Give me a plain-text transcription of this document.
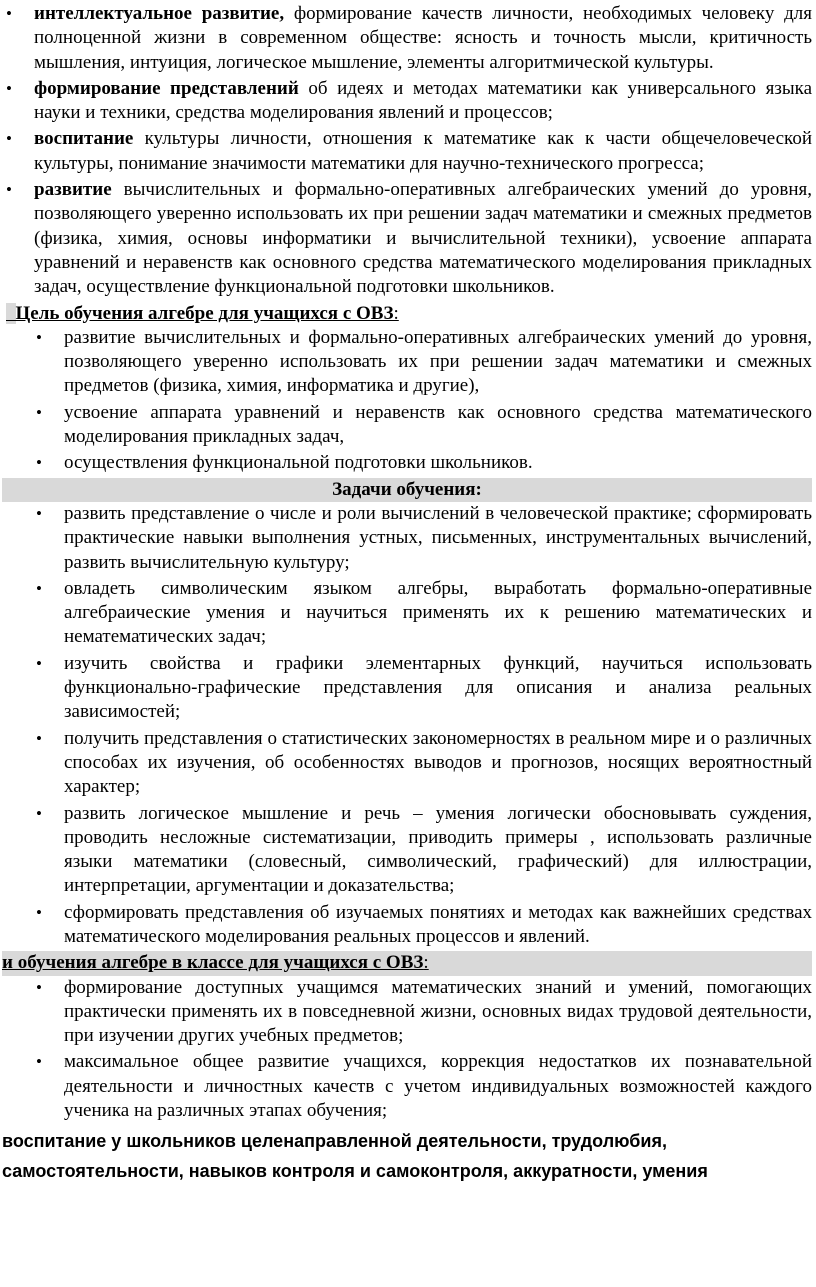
• интеллектуальное развитие, формирование качеств личности, необходимых человеку для полноценной жизни в современном обществе: ясность и точность мысли, критичность мышления, интуиция, логическое мышление, элементы алгоритмической культуры.
• формирование представлений об идеях и методах математики как универсального языка науки и техники, средства моделирования явлений и процессов;
• воспитание культуры личности, отношения к математике как к части общечеловеческой культуры, понимание значимости математики для научно-технического прогресса;
• развитие вычислительных и формально-оперативных алгебраических умений до уровня, позволяющего уверенно использовать их при решении задач математики и смежных предметов (физика, химия, основы информатики и вычислительной техники), усвоение аппарата уравнений и неравенств как основного средства математического моделирования прикладных задач, осуществление функциональной подготовки школьников.
Цель обучения алгебре для учащихся с ОВЗ:
• развитие вычислительных и формально-оперативных алгебраических умений до уровня, позволяющего уверенно использовать их при решении задач математики и смежных предметов (физика, химия, информатика и другие),
• усвоение аппарата уравнений и неравенств как основного средства математического моделирования прикладных задач,
• осуществления функциональной подготовки школьников.
Задачи обучения:
• развить представление о числе и роли вычислений в человеческой практике; сформировать практические навыки выполнения устных, письменных, инструментальных вычислений, развить вычислительную культуру;
• овладеть символическим языком алгебры, выработать формально-оперативные алгебраические умения и научиться применять их к решению математических и нематематических задач;
• изучить свойства и графики элементарных функций, научиться использовать функционально-графические представления для описания и анализа реальных зависимостей;
• получить представления о статистических закономерностях в реальном мире и о различных способах их изучения, об особенностях выводов и прогнозов, носящих вероятностный характер;
• развить логическое мышление и речь – умения логически обосновывать суждения, проводить несложные систематизации, приводить примеры , использовать различные языки математики (словесный, символический, графический) для иллюстрации, интерпретации, аргументации и доказательства;
• сформировать представления об изучаемых понятиях и методах как важнейших средствах математического моделирования реальных процессов и явлений.
и обучения алгебре в классе для учащихся с ОВЗ:
• формирование доступных учащимся математических знаний и умений, помогающих практически применять их в повседневной жизни, основных видах трудовой деятельности, при изучении других учебных предметов;
• максимальное общее развитие учащихся, коррекция недостатков их познавательной деятельности и личностных качеств с учетом индивидуальных возможностей каждого ученика на различных этапах обучения;
воспитание у школьников целенаправленной деятельности, трудолюбия,
самостоятельности, навыков контроля и самоконтроля, аккуратности, умения
